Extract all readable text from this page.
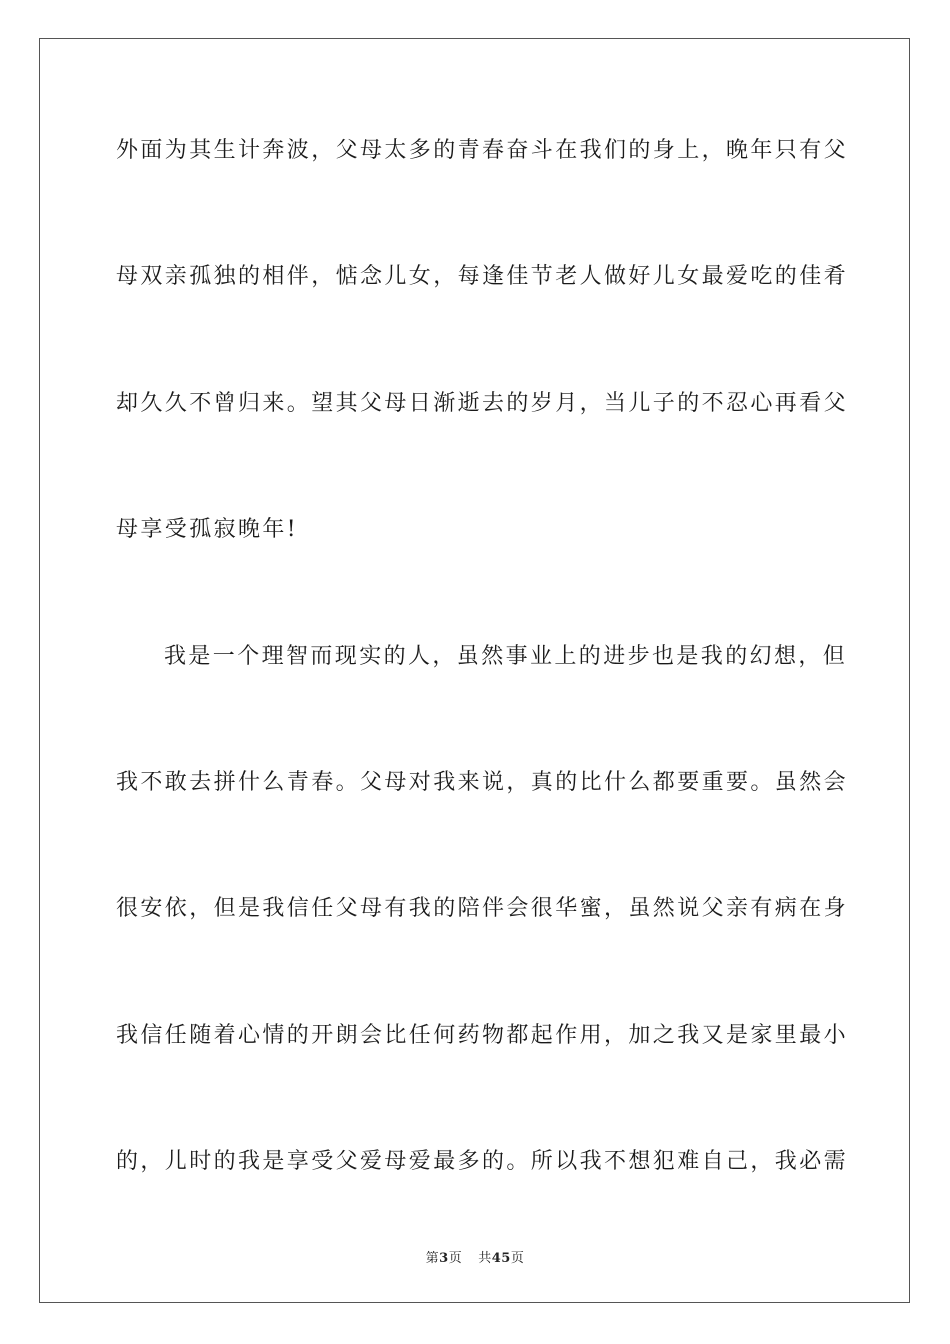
外面为其生计奔波，父母太多的青春奋斗在我们的身上，晚年只有父
母双亲孤独的相伴，惦念儿女，每逢佳节老人做好儿女最爱吃的佳肴
却久久不曾归来。望其父母日渐逝去的岁月，当儿子的不忍心再看父
母享受孤寂晚年!
我是一个理智而现实的人，虽然事业上的进步也是我的幻想，但
我不敢去拼什么青春。父母对我来说，真的比什么都要重要。虽然会
很安依，但是我信任父母有我的陪伴会很华蜜，虽然说父亲有病在身
我信任随着心情的开朗会比任何药物都起作用，加之我又是家里最小
的，儿时的我是享受父爱母爱最多的。所以我不想犯难自己，我必需
第3页 共45页
